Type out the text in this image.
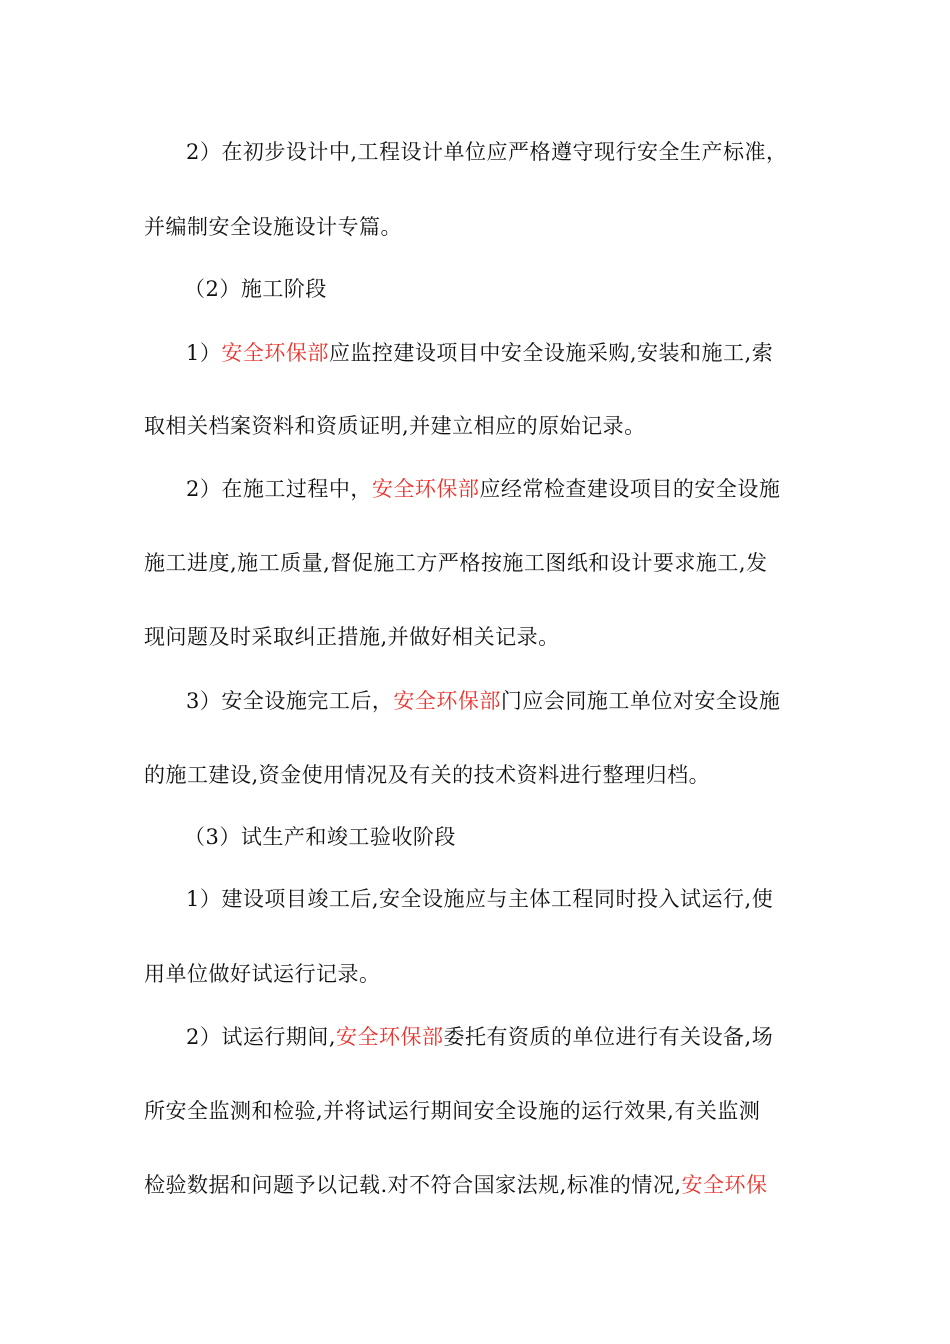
2）在初步设计中,工程设计单位应严格遵守现行安全生产标准，
并编制安全设施设计专篇。
（2）施工阶段
1）安全环保部应监控建设项目中安全设施采购,安装和施工,索
取相关档案资料和资质证明,并建立相应的原始记录。
2）在施工过程中，安全环保部应经常检查建设项目的安全设施
施工进度,施工质量,督促施工方严格按施工图纸和设计要求施工,发
现问题及时采取纠正措施,并做好相关记录。
3）安全设施完工后，安全环保部门应会同施工单位对安全设施
的施工建设,资金使用情况及有关的技术资料进行整理归档。
（3）试生产和竣工验收阶段
1）建设项目竣工后,安全设施应与主体工程同时投入试运行,使
用单位做好试运行记录。
2）试运行期间,安全环保部委托有资质的单位进行有关设备,场
所安全监测和检验,并将试运行期间安全设施的运行效果,有关监测
检验数据和问题予以记载.对不符合国家法规,标准的情况,安全环保
